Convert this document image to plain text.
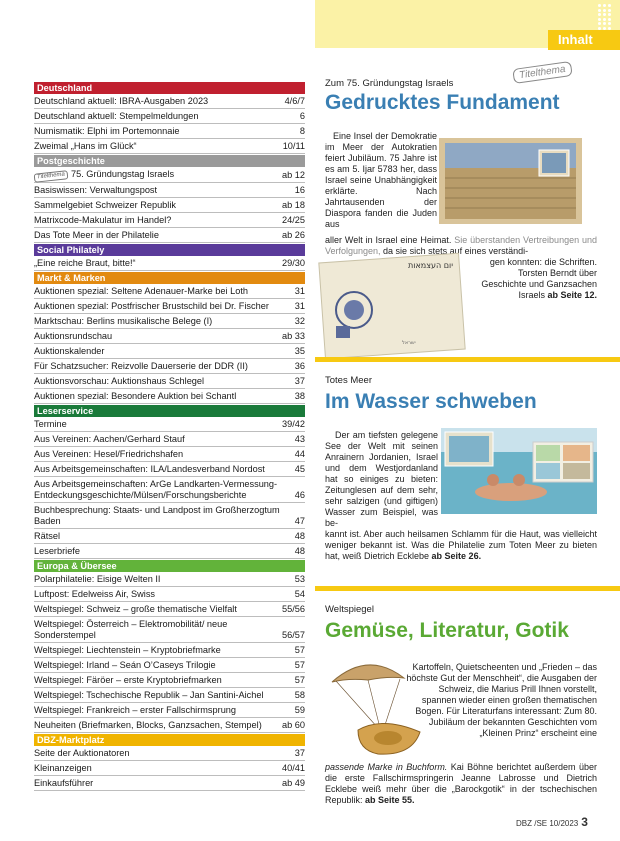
Inhalt
Deutschland
Deutschland aktuell: IBRA-Ausgaben 2023	4/6/7
Deutschland aktuell: Stempelmeldungen	6
Numismatik: Elphi im Portemonnaie	8
Zweimal „Hans im Glück“	10/11
Postgeschichte
Titelthema 75. Gründungstag Israels	ab 12
Basiswissen: Verwaltungspost	16
Sammelgebiet Schweizer Republik	ab 18
Matrixcode-Makulatur im Handel?	24/25
Das Tote Meer in der Philatelie	ab 26
Social Philately
„Eine reiche Braut, bitte!“	29/30
Markt & Marken
Auktionen spezial: Seltene Adenauer-Marke bei Loth	31
Auktionen spezial: Postfrischer Brustschild bei Dr. Fischer	31
Marktschau: Berlins musikalische Belege (I)	32
Auktionsrundschau	ab 33
Auktionskalender	35
Für Schatzsucher: Reizvolle Dauerserie der DDR (II)	36
Auktionsvorschau: Auktionshaus Schlegel	37
Auktionen spezial: Besondere Auktion bei Schantl	38
Leserservice
Termine	39/42
Aus Vereinen: Aachen/Gerhard Stauf	43
Aus Vereinen: Hesel/Friedrichshafen	44
Aus Arbeitsgemeinschaften: ILA/Landesverband Nordost	45
Aus Arbeitsgemeinschaften: ArGe Landkarten-Vermessung-Entdeckungsgeschichte/Mülsen/Forschungsberichte	46
Buchbesprechung: Staats- und Landpost im Großherzogtum Baden	47
Rätsel	48
Leserbriefe	48
Europa & Übersee
Polarphilatelie: Eisige Welten II	53
Luftpost: Edelweiss Air, Swiss	54
Weltspiegel: Schweiz – große thematische Vielfalt	55/56
Weltspiegel: Österreich – Elektromobilität/ neue Sonderstempel	56/57
Weltspiegel: Liechtenstein – Kryptobriefmarke	57
Weltspiegel: Irland – Seán O’Caseys Trilogie	57
Weltspiegel: Färöer – erste Kryptobriefmarken	57
Weltspiegel: Tschechische Republik – Jan Santini-Aichel	58
Weltspiegel: Frankreich – erster Fallschirmsprung	59
Neuheiten (Briefmarken, Blocks, Ganzsachen, Stempel)	ab 60
DBZ-Marktplatz
Seite der Auktionatoren	37
Kleinanzeigen	40/41
Einkaufsführer	ab 49
Zum 75. Gründungstag Israels
Gedrucktes Fundament
Titelthema
Eine Insel der Demokratie im Meer der Autokratien feiert Jubiläum. 75 Jahre ist es am 5. Ijar 5783 her, dass Israel seine Unabhängigkeit erklärte. Nach Jahrtausenden der Diaspora fanden die Juden aus
aller Welt in Israel eine Heimat. Sie überstanden Vertreibungen und Verfolgungen, da sie sich stets auf eines verständi-
gen konnten: die Schriften. Torsten Berndt über Geschichte und Ganzsachen Israels ab Seite 12.
יום העצמאות
ישראל
Totes Meer
Im Wasser schweben
Der am tiefsten gelegene See der Welt mit seinen Anrainern Jordanien, Israel und dem Westjordanland hat so einiges zu bieten: Zeitunglesen auf dem sehr, sehr salzigen (und giftigen) Wasser zum Beispiel, was be-
kannt ist. Aber auch heilsamen Schlamm für die Haut, was vielleicht weniger bekannt ist. Was die Philatelie zum Toten Meer zu bieten hat, weiß Dietrich Ecklebe ab Seite 26.
Weltspiegel
Gemüse, Literatur, Gotik
Kartoffeln, Quietscheenten und „Frieden – das höchste Gut der Menschheit“, die Ausgaben der Schweiz, die Marius Prill Ihnen vorstellt, spannen wieder einen großen thematischen Bogen. Für Literaturfans interessant: Zum 80. Jubiläum der bekannten Geschichten vom „Kleinen Prinz“ erscheint eine
passende Marke in Buchform. Kai Böhne berichtet außerdem über die erste Fallschirmspringerin Jeanne Labrosse und Dietrich Ecklebe weiß mehr über die „Barockgotik“ in der tschechischen Republik: ab Seite 55.
DBZ /SE 10/2023 3
